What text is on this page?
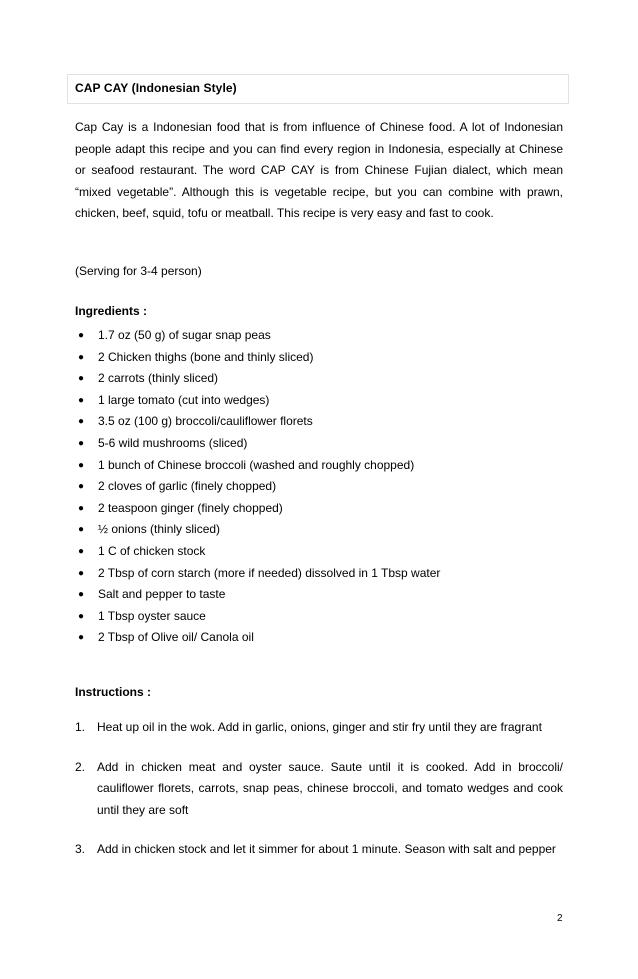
CAP CAY (Indonesian Style)
Cap Cay is a Indonesian food that is from influence of Chinese food. A lot of Indonesian people adapt this recipe and you can find every region in Indonesia, especially at Chinese or seafood restaurant. The word CAP CAY is from Chinese Fujian dialect, which mean “mixed vegetable”. Although this is vegetable recipe, but you can combine with prawn, chicken, beef, squid, tofu or meatball. This recipe is very easy and fast to cook.
(Serving for 3-4 person)
Ingredients :
● 1.7 oz (50 g) of sugar snap peas
● 2 Chicken thighs (bone and thinly sliced)
● 2 carrots (thinly sliced)
● 1 large tomato (cut into wedges)
● 3.5 oz (100 g) broccoli/cauliflower florets
● 5-6 wild mushrooms (sliced)
● 1 bunch of Chinese broccoli (washed and roughly chopped)
● 2 cloves of garlic (finely chopped)
● 2 teaspoon ginger (finely chopped)
● ½ onions (thinly sliced)
● 1 C of chicken stock
● 2 Tbsp of corn starch (more if needed) dissolved in 1 Tbsp water
● Salt and pepper to taste
● 1 Tbsp oyster sauce
● 2 Tbsp of Olive oil/ Canola oil
Instructions :
1. Heat up oil in the wok. Add in garlic, onions, ginger and stir fry until they are fragrant
2. Add in chicken meat and oyster sauce. Saute until it is cooked. Add in broccoli/ cauliflower florets, carrots, snap peas, chinese broccoli, and tomato wedges and cook until they are soft
3. Add in chicken stock and let it simmer for about 1 minute. Season with salt and pepper
2
